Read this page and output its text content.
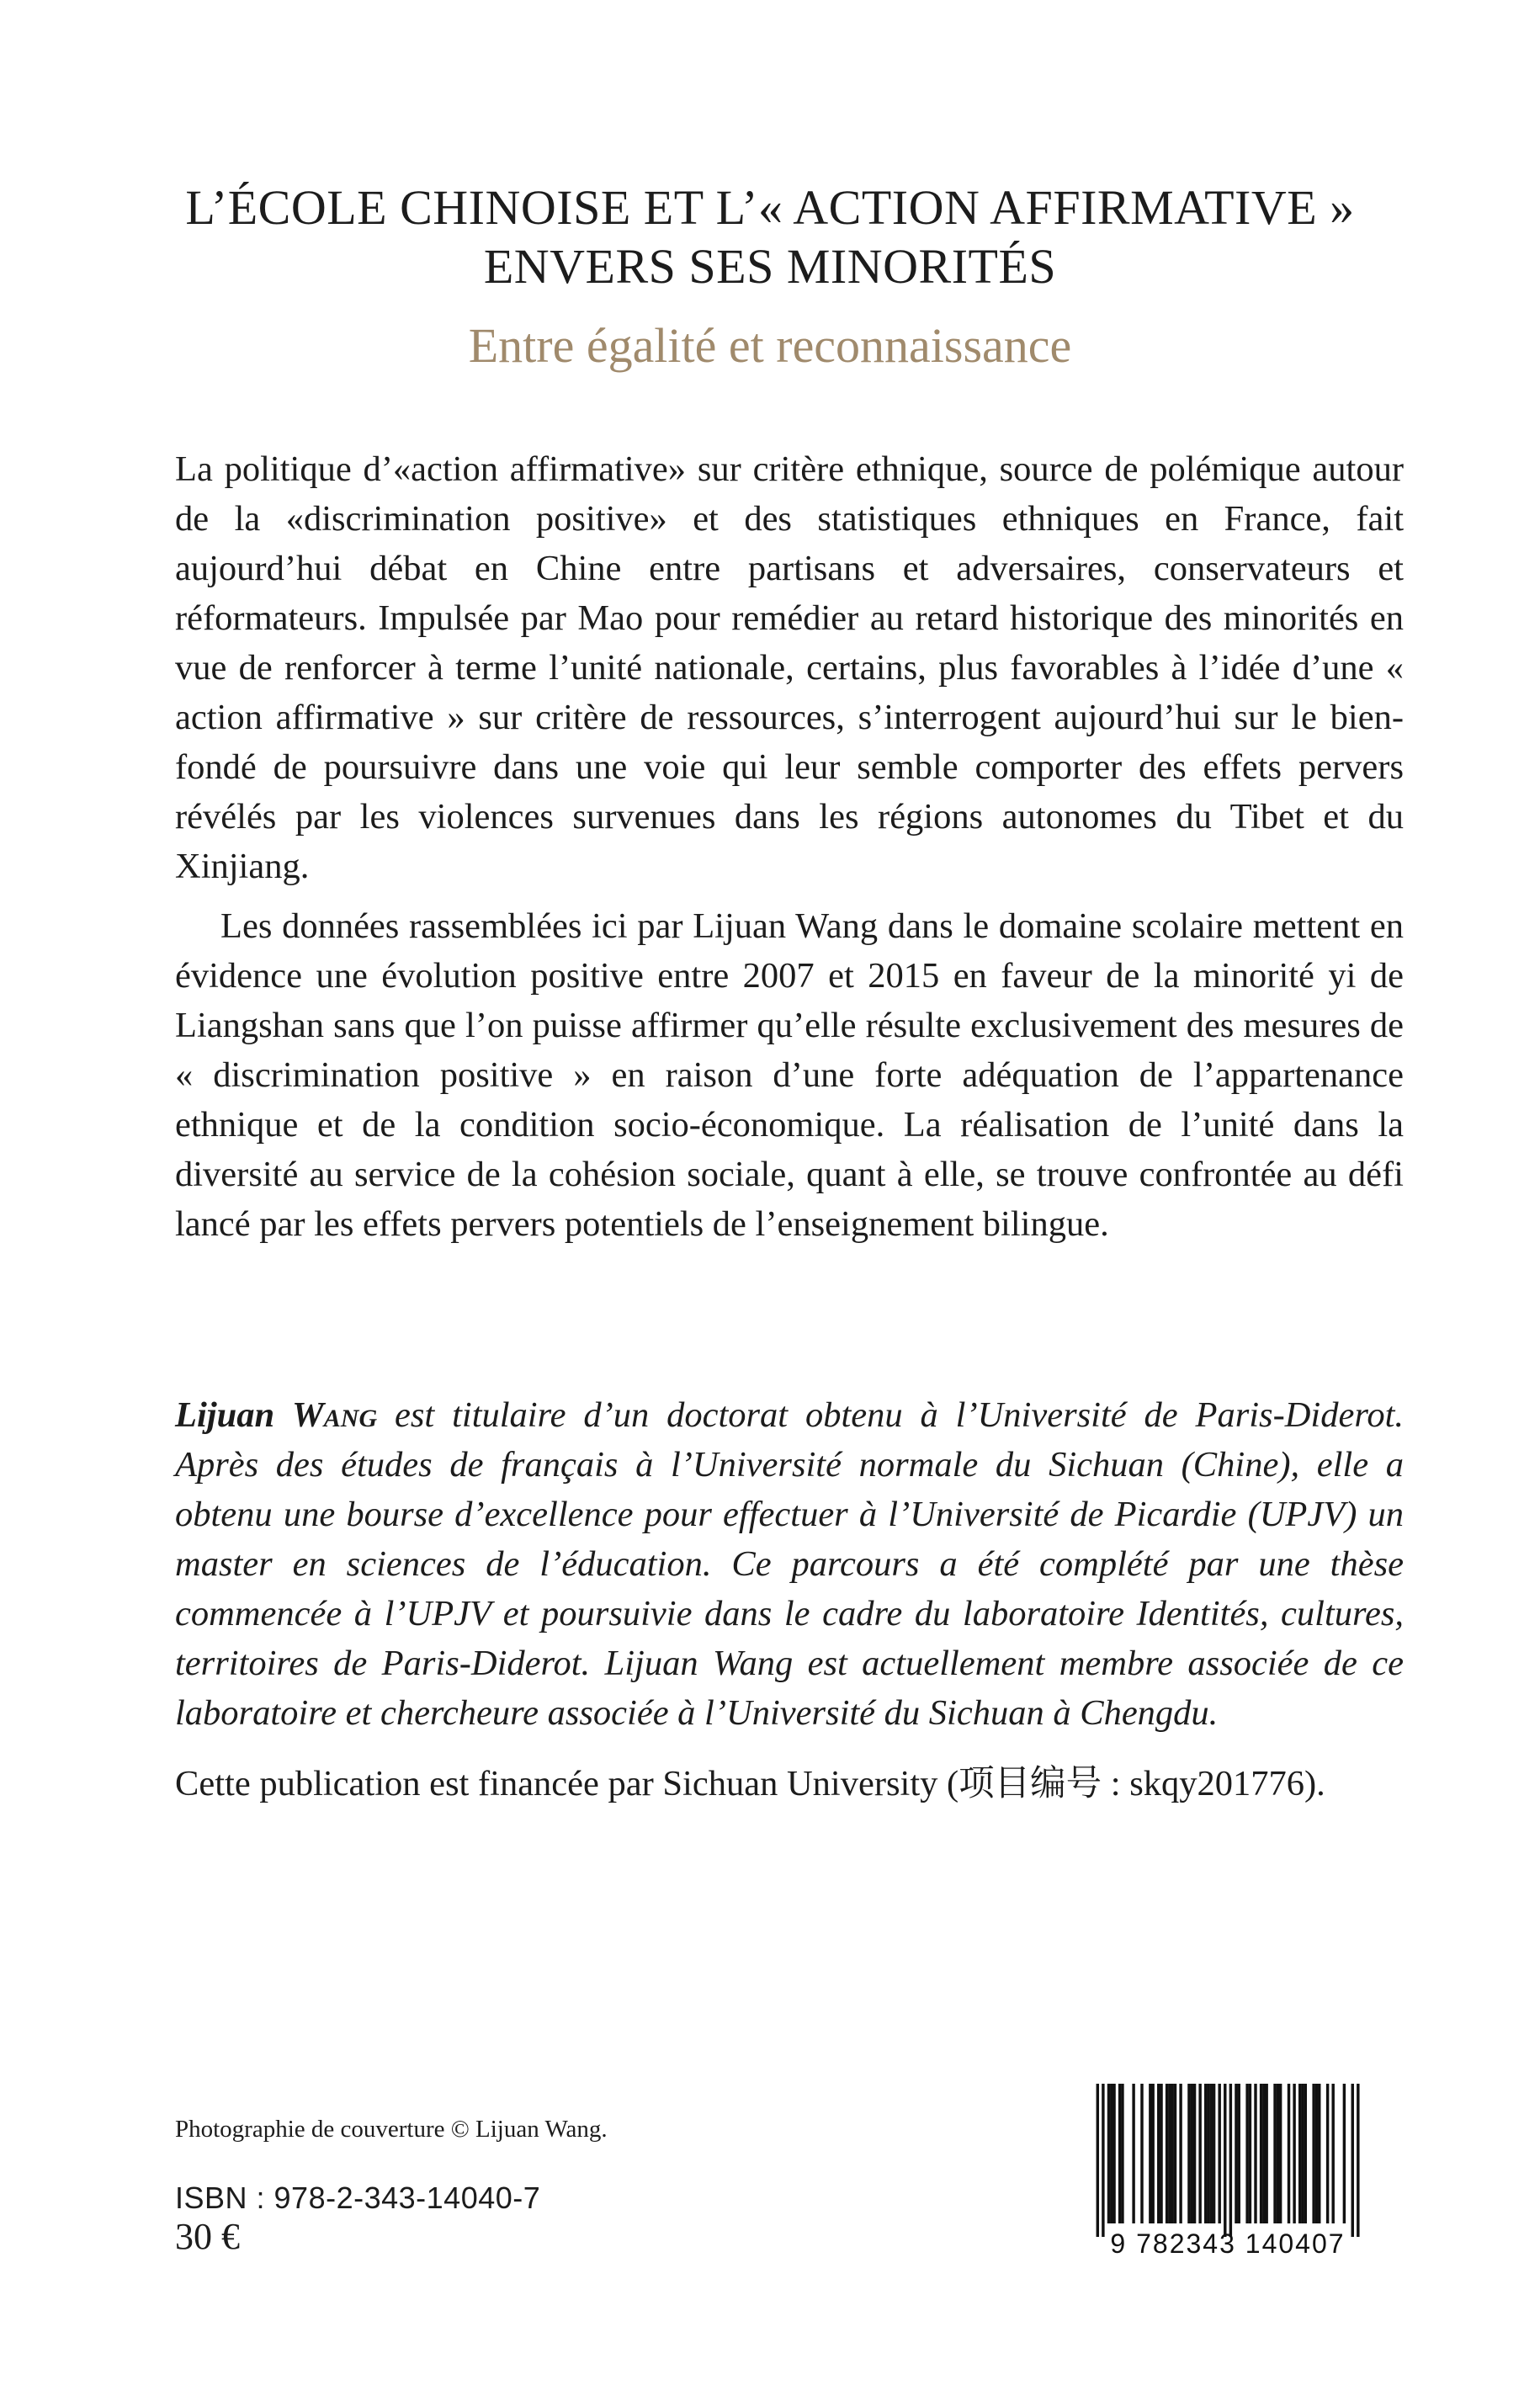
L’ÉCOLE CHINOISE ET L’« ACTION AFFIRMATIVE »
ENVERS SES MINORITÉS
Entre égalité et reconnaissance

La politique d’«action affirmative» sur critère ethnique, source de polémique autour de la «discrimination positive» et des statistiques ethniques en France, fait aujourd’hui débat en Chine entre partisans et adversaires, conservateurs et réformateurs. Impulsée par Mao pour remédier au retard historique des minorités en vue de renforcer à terme l’unité nationale, certains, plus favorables à l’idée d’une « action affirmative » sur critère de ressources, s’interrogent aujourd’hui sur le bien-fondé de poursuivre dans une voie qui leur semble comporter des effets pervers révélés par les violences survenues dans les régions autonomes du Tibet et du Xinjiang.

Les données rassemblées ici par Lijuan Wang dans le domaine scolaire mettent en évidence une évolution positive entre 2007 et 2015 en faveur de la minorité yi de Liangshan sans que l’on puisse affirmer qu’elle résulte exclusivement des mesures de « discrimination positive » en raison d’une forte adéquation de l’appartenance ethnique et de la condition socio-économique. La réalisation de l’unité dans la diversité au service de la cohésion sociale, quant à elle, se trouve confrontée au défi lancé par les effets pervers potentiels de l’enseignement bilingue.

Lijuan Wang est titulaire d’un doctorat obtenu à l’Université de Paris-Diderot. Après des études de français à l’Université normale du Sichuan (Chine), elle a obtenu une bourse d’excellence pour effectuer à l’Université de Picardie (UPJV) un master en sciences de l’éducation. Ce parcours a été complété par une thèse commencée à l’UPJV et poursuivie dans le cadre du laboratoire Identités, cultures, territoires de Paris-Diderot. Lijuan Wang est actuellement membre associée de ce laboratoire et chercheure associée à l’Université du Sichuan à Chengdu.
Cette publication est financée par Sichuan University (项目编号 : skqy201776).
Photographie de couverture © Lijuan Wang.
ISBN : 978-2-343-14040-7
30 €	9 782343 140407
